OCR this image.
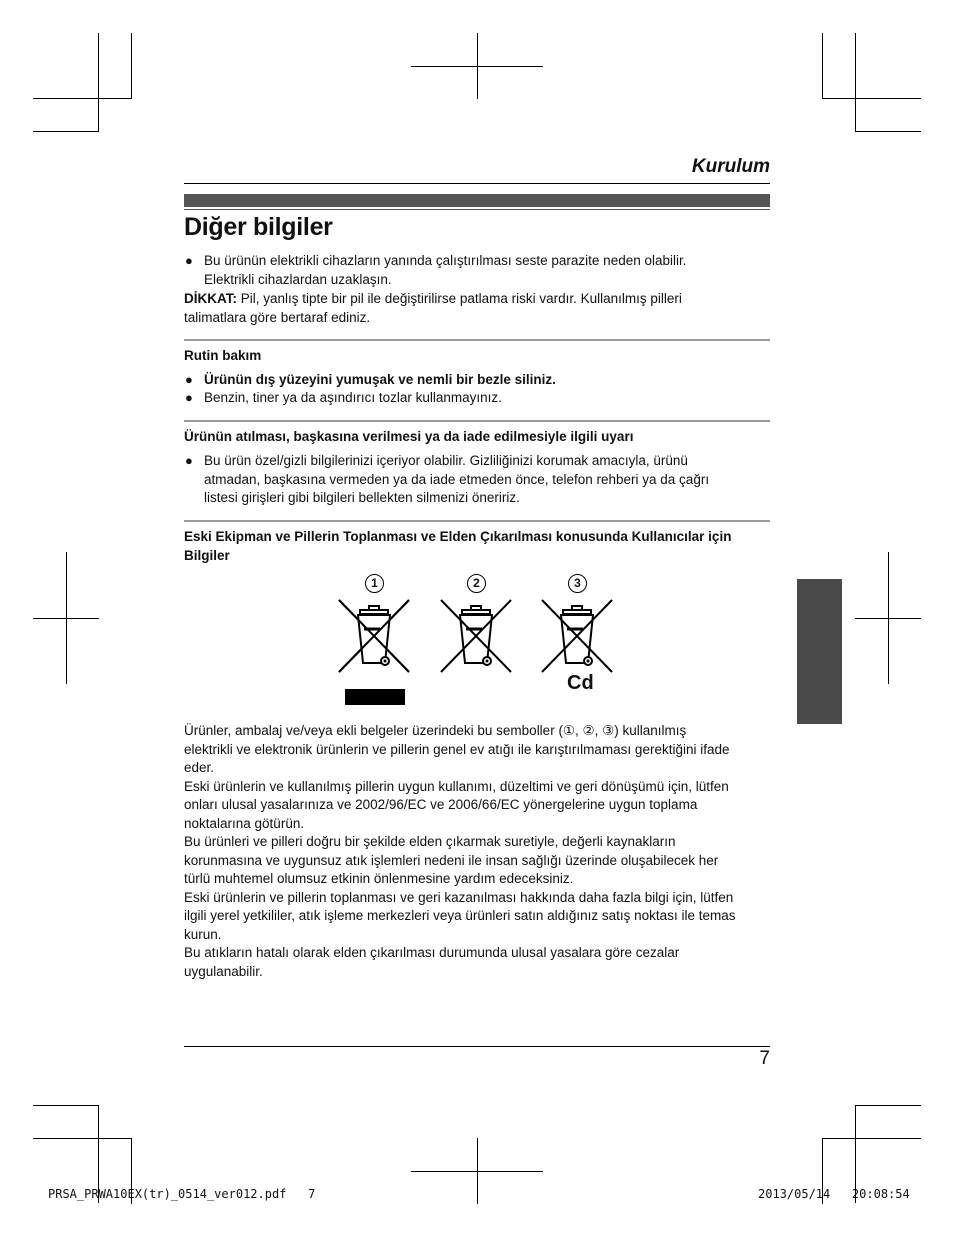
Kurulum
Diğer bilgiler
● Bu ürünün elektrikli cihazların yanında çalıştırılması seste parazite neden olabilir.
Elektrikli cihazlardan uzaklaşın.
DİKKAT: Pil, yanlış tipte bir pil ile değiştirilirse patlama riski vardır. Kullanılmış pilleri
talimatlara göre bertaraf ediniz.
Rutin bakım
● Ürünün dış yüzeyini yumuşak ve nemli bir bezle siliniz.
● Benzin, tiner ya da aşındırıcı tozlar kullanmayınız.
Ürünün atılması, başkasına verilmesi ya da iade edilmesiyle ilgili uyarı
● Bu ürün özel/gizli bilgilerinizi içeriyor olabilir. Gizliliğinizi korumak amacıyla, ürünü
atmadan, başkasına vermeden ya da iade etmeden önce, telefon rehberi ya da çağrı
listesi girişleri gibi bilgileri bellekten silmenizi öneririz.
Eski Ekipman ve Pillerin Toplanması ve Elden Çıkarılması konusunda Kullanıcılar için
Bilgiler
1	2	3
Cd
Ürünler, ambalaj ve/veya ekli belgeler üzerindeki bu semboller (①, ②, ③) kullanılmış
elektrikli ve elektronik ürünlerin ve pillerin genel ev atığı ile karıştırılmaması gerektiğini ifade
eder.
Eski ürünlerin ve kullanılmış pillerin uygun kullanımı, düzeltimi ve geri dönüşümü için, lütfen
onları ulusal yasalarınıza ve 2002/96/EC ve 2006/66/EC yönergelerine uygun toplama
noktalarına götürün.
Bu ürünleri ve pilleri doğru bir şekilde elden çıkarmak suretiyle, değerli kaynakların
korunmasına ve uygunsuz atık işlemleri nedeni ile insan sağlığı üzerinde oluşabilecek her
türlü muhtemel olumsuz etkinin önlenmesine yardım edeceksiniz.
Eski ürünlerin ve pillerin toplanması ve geri kazanılması hakkında daha fazla bilgi için, lütfen
ilgili yerel yetkililer, atık işleme merkezleri veya ürünleri satın aldığınız satış noktası ile temas
kurun.
Bu atıkların hatalı olarak elden çıkarılması durumunda ulusal yasalara göre cezalar
uygulanabilir.
7
PRSA_PRWA10EX(tr)_0514_ver012.pdf   7	2013/05/14   20:08:54
